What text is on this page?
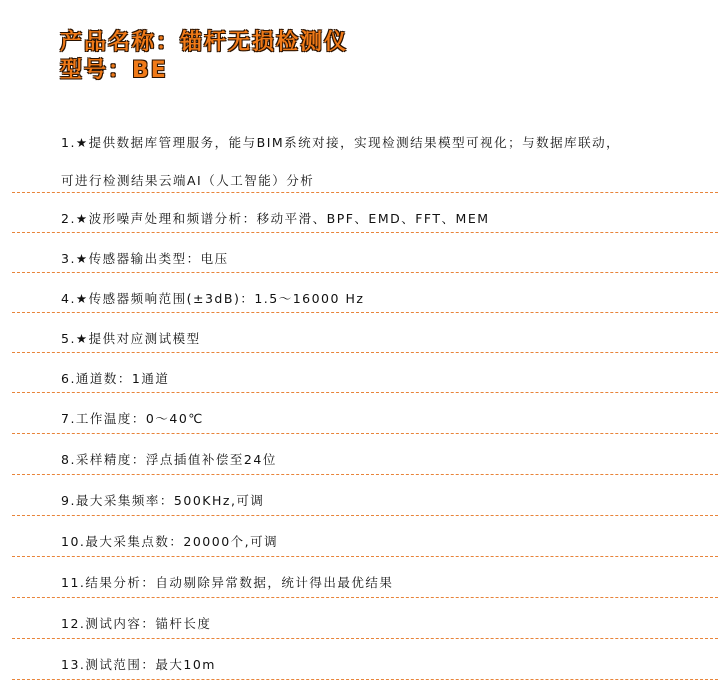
产品名称：锚杆无损检测仪
型号：BE
1.★提供数据库管理服务，能与BIM系统对接，实现检测结果模型可视化；与数据库联动，
可进行检测结果云端AI（人工智能）分析
2.★波形噪声处理和频谱分析：移动平滑、BPF、EMD、FFT、MEM
3.★传感器输出类型：电压
4.★传感器频响范围(±3dB)：1.5～16000 Hz
5.★提供对应测试模型
6.通道数：1通道
7.工作温度：0～40℃
8.采样精度：浮点插值补偿至24位
9.最大采集频率：500KHz,可调
10.最大采集点数：20000个,可调
11.结果分析：自动剔除异常数据，统计得出最优结果
12.测试内容：锚杆长度
13.测试范围：最大10m
